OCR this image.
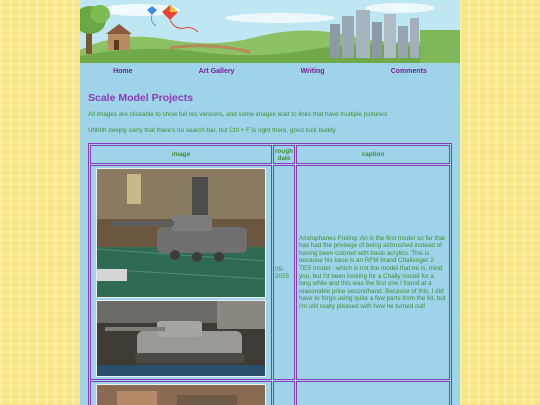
Home	Art Gallery	Writing	Comments
Scale Model Projects

All images are clickable to show full res versions, and some images lead to links that have multiple pictures!

Uhhhh deeply sorry that there's no search bar, but Ctrl + F is right there, good luck buddy

image	rough date	caption

	05-2025	Aristophanes Freling: Ari is the first model so far that has had the privilege of being airbrushed instead of having been colored with basic acrylics. This is because his base is an RFM brand Challenger 2 TES model - which is not the model that he is, mind you, but I'd been looking for a Chally model for a long while and this was the first one I found at a reasonable price secondhand. Because of this, I did have to forgo using quite a few parts from the kit, but I'm still really pleased with how he turned out!
